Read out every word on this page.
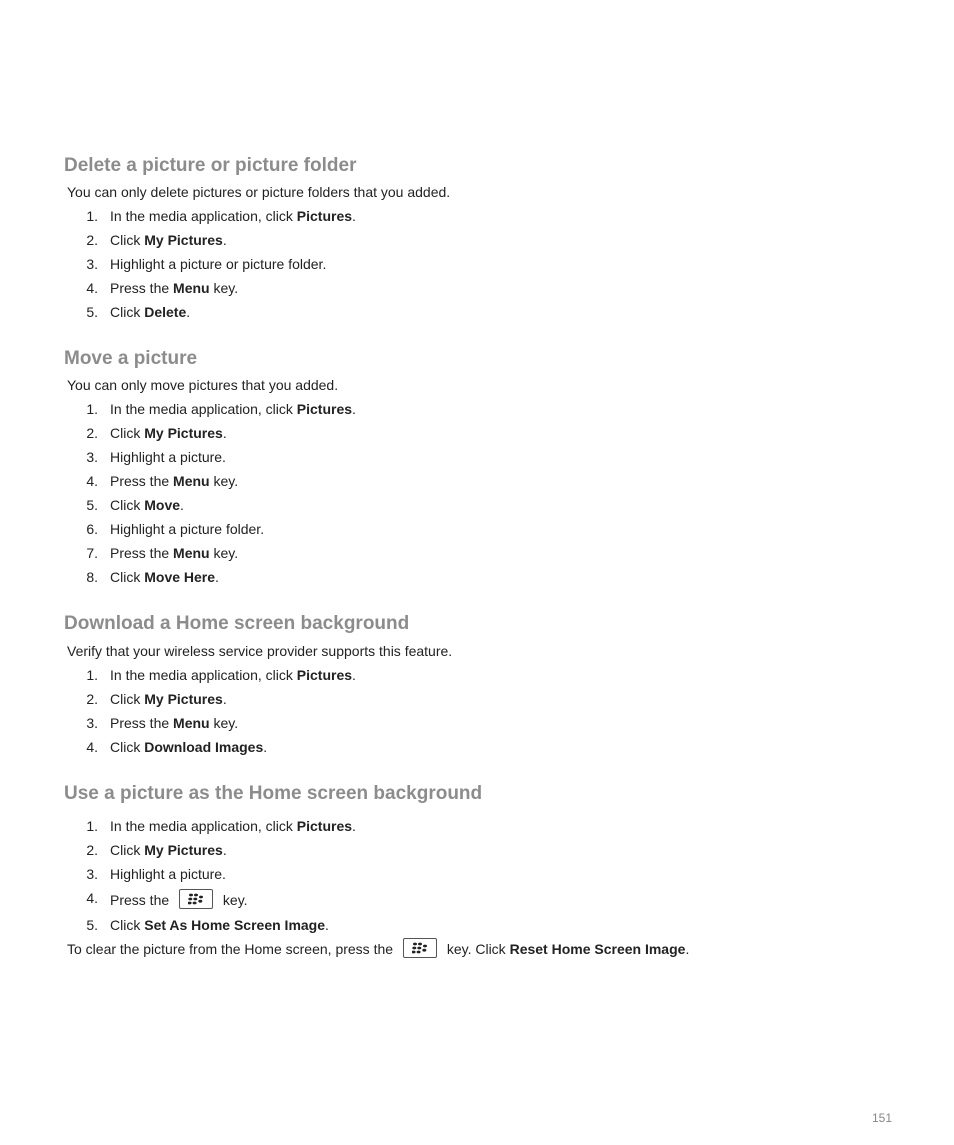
Delete a picture or picture folder

You can only delete pictures or picture folders that you added.

1. In the media application, click Pictures.
2. Click My Pictures.
3. Highlight a picture or picture folder.
4. Press the Menu key.
5. Click Delete.
Move a picture

You can only move pictures that you added.

1. In the media application, click Pictures.
2. Click My Pictures.
3. Highlight a picture.
4. Press the Menu key.
5. Click Move.
6. Highlight a picture folder.
7. Press the Menu key.
8. Click Move Here.
Download a Home screen background

Verify that your wireless service provider supports this feature.

1. In the media application, click Pictures.
2. Click My Pictures.
3. Press the Menu key.
4. Click Download Images.
Use a picture as the Home screen background
1. In the media application, click Pictures.
2. Click My Pictures.
3. Highlight a picture.
4. Press the	key.
5. Click Set As Home Screen Image.

To clear the picture from the Home screen, press the	key. Click Reset Home Screen Image.

151
